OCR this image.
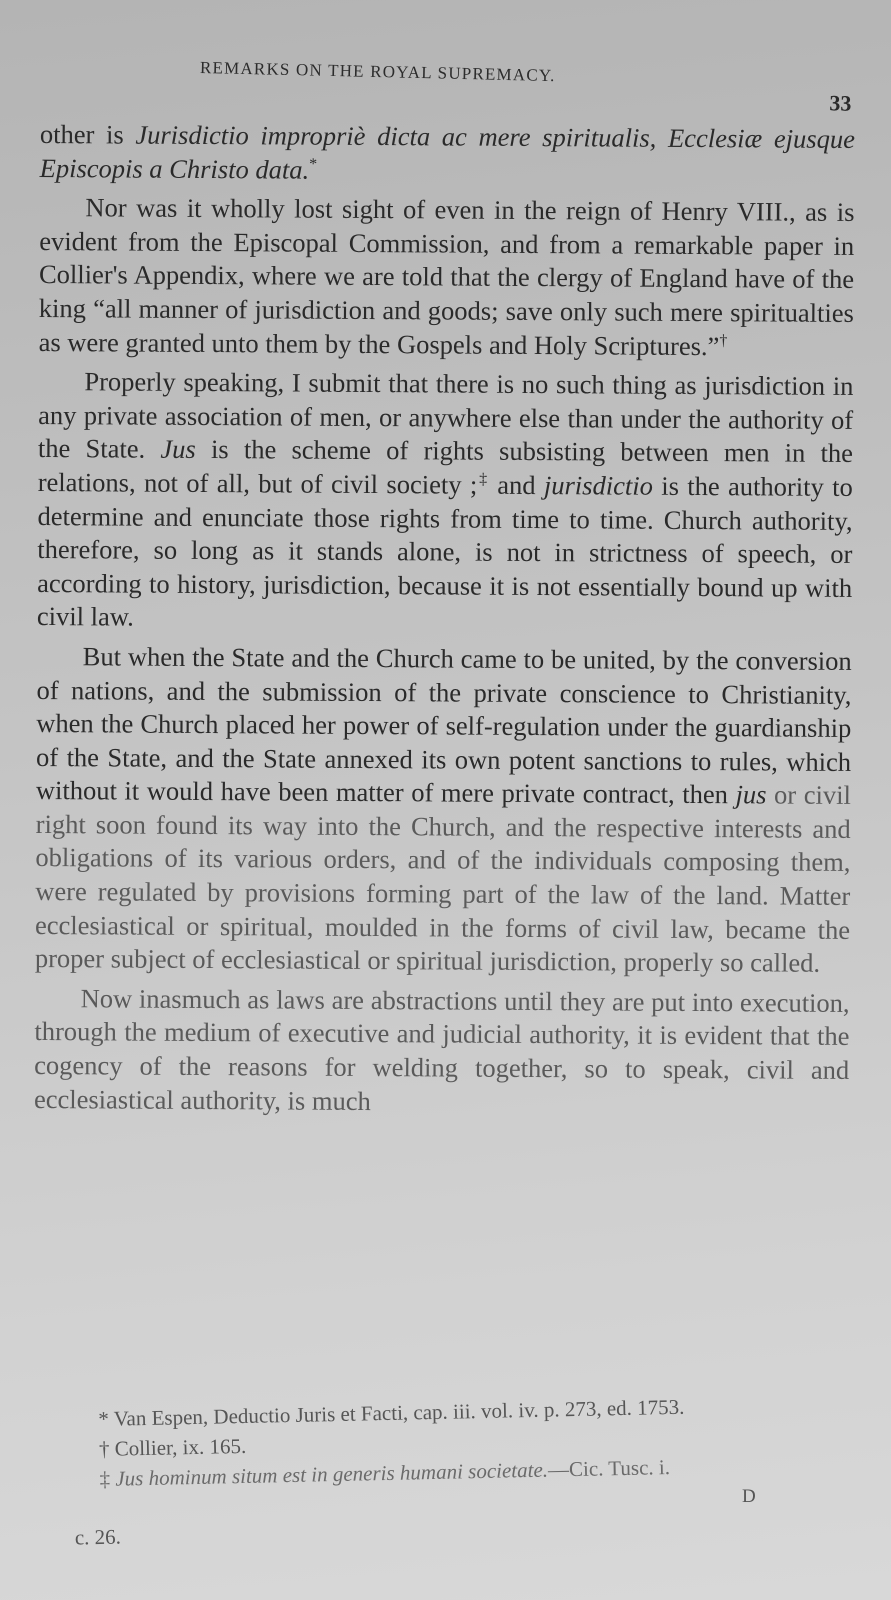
REMARKS ON THE ROYAL SUPREMACY.
33

other is Jurisdictio impropriè dicta ac mere spiritualis, Ecclesiæ ejusque Episcopis a Christo data.*

Nor was it wholly lost sight of even in the reign of Henry VIII., as is evident from the Episcopal Commission, and from a remarkable paper in Collier's Appendix, where we are told that the clergy of England have of the king “all manner of jurisdiction and goods; save only such mere spiritualties as were granted unto them by the Gospels and Holy Scriptures.”†

Properly speaking, I submit that there is no such thing as jurisdiction in any private association of men, or anywhere else than under the authority of the State. Jus is the scheme of rights subsisting between men in the relations, not of all, but of civil society ;‡ and jurisdictio is the authority to determine and enunciate those rights from time to time. Church authority, therefore, so long as it stands alone, is not in strictness of speech, or according to history, jurisdiction, because it is not essentially bound up with civil law.

But when the State and the Church came to be united, by the conversion of nations, and the submission of the private conscience to Christianity, when the Church placed her power of self-regulation under the guardianship of the State, and the State annexed its own potent sanctions to rules, which without it would have been matter of mere private contract, then jus or civil right soon found its way into the Church, and the respective interests and obligations of its various orders, and of the individuals composing them, were regulated by provisions forming part of the law of the land. Matter ecclesiastical or spiritual, moulded in the forms of civil law, became the proper subject of ecclesiastical or spiritual jurisdiction, properly so called.

Now inasmuch as laws are abstractions until they are put into execution, through the medium of executive and judicial authority, it is evident that the cogency of the reasons for welding together, so to speak, civil and ecclesiastical authority, is much

* Van Espen, Deductio Juris et Facti, cap. iii. vol. iv. p. 273, ed. 1753.

† Collier, ix. 165.

‡ Jus hominum situm est in generis humani societate.—Cic. Tusc. i.

c. 26.
D
